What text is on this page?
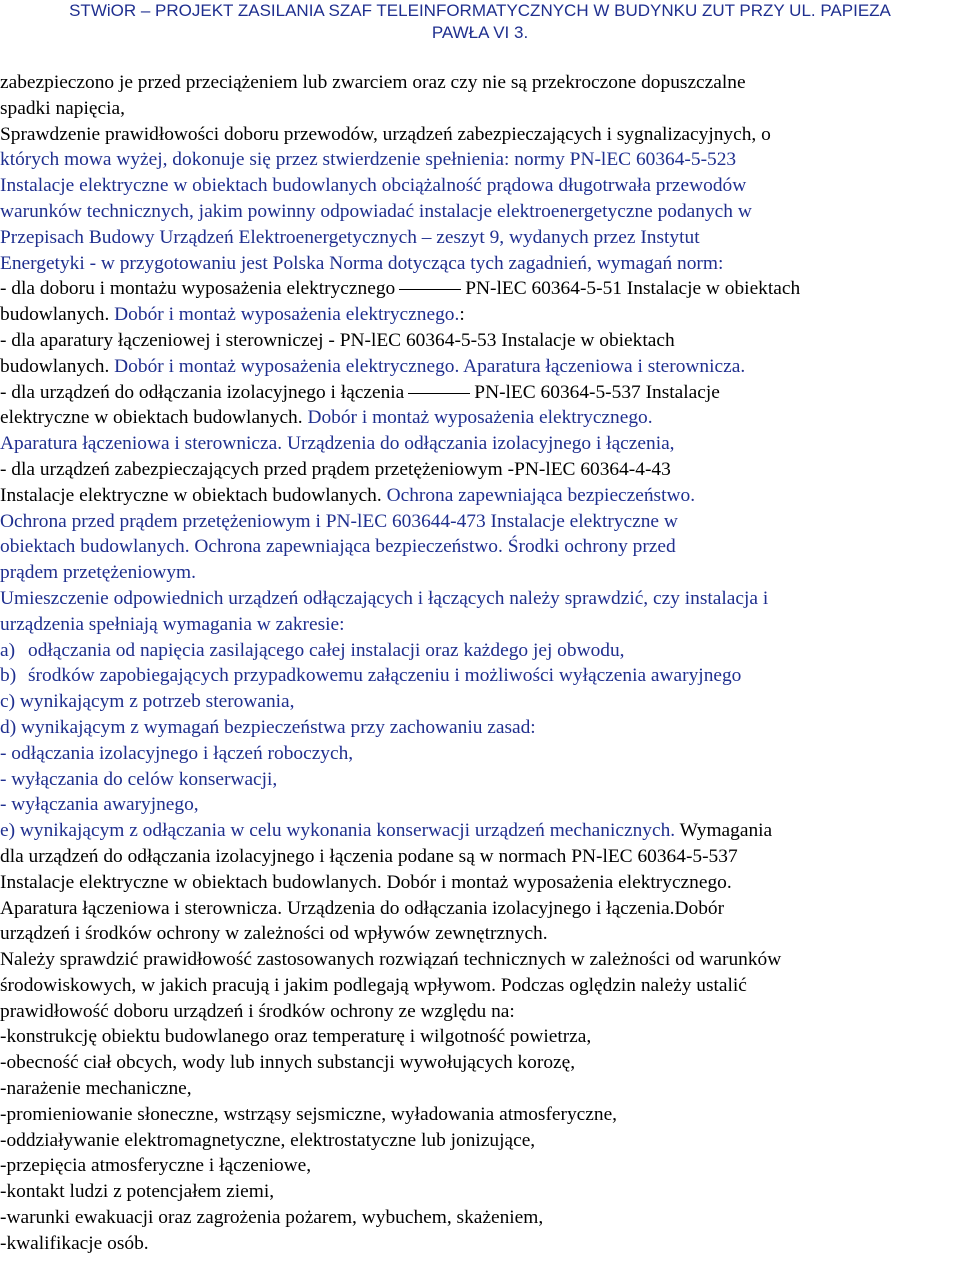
STWiOR – PROJEKT ZASILANIA SZAF TELEINFORMATYCZNYCH W BUDYNKU ZUT PRZY UL. PAPIEZA
PAWŁA VI 3.
zabezpieczono je przed przeciążeniem lub zwarciem oraz czy nie są przekroczone dopuszczalne
spadki napięcia,
Sprawdzenie prawidłowości doboru przewodów, urządzeń zabezpieczających i sygnalizacyjnych, o
których mowa wyżej, dokonuje się przez stwierdzenie spełnienia: normy PN-lEC 60364-5-523
Instalacje elektryczne w obiektach budowlanych obciążalność prądowa długotrwała przewodów
warunków technicznych, jakim powinny odpowiadać instalacje elektroenergetyczne podanych w
Przepisach Budowy Urządzeń Elektroenergetycznych – zeszyt 9, wydanych przez Instytut
Energetyki - w przygotowaniu jest Polska Norma dotycząca tych zagadnień, wymagań norm:
- dla doboru i montażu wyposażenia elektrycznego	PN-lEC 60364-5-51 Instalacje w obiektach
budowlanych. Dobór i montaż wyposażenia elektrycznego.:
- dla aparatury łączeniowej i sterowniczej - PN-lEC 60364-5-53 Instalacje w obiektach
budowlanych. Dobór i montaż wyposażenia elektrycznego. Aparatura łączeniowa i sterownicza.
- dla urządzeń do odłączania izolacyjnego i łączenia	PN-lEC 60364-5-537 Instalacje
elektryczne w obiektach budowlanych. Dobór i montaż wyposażenia elektrycznego.
Aparatura łączeniowa i sterownicza. Urządzenia do odłączania izolacyjnego i łączenia,
- dla urządzeń zabezpieczających przed prądem przetężeniowym -PN-lEC 60364-4-43
Instalacje elektryczne w obiektach budowlanych. Ochrona zapewniająca bezpieczeństwo.
Ochrona przed prądem przetężeniowym i PN-lEC 603644-473 Instalacje elektryczne w
obiektach budowlanych. Ochrona zapewniająca bezpieczeństwo. Środki ochrony przed
prądem przetężeniowym.
Umieszczenie odpowiednich urządzeń odłączających i łączących należy sprawdzić, czy instalacja i
urządzenia spełniają wymagania w zakresie:
a) odłączania od napięcia zasilającego całej instalacji oraz każdego jej obwodu,
b) środków zapobiegających przypadkowemu załączeniu i możliwości wyłączenia awaryjnego
c) wynikającym z potrzeb sterowania,
d) wynikającym z wymagań bezpieczeństwa przy zachowaniu zasad:
- odłączania izolacyjnego i łączeń roboczych,
- wyłączania do celów konserwacji,
- wyłączania awaryjnego,
e) wynikającym z odłączania w celu wykonania konserwacji urządzeń mechanicznych. Wymagania
dla urządzeń do odłączania izolacyjnego i łączenia podane są w normach PN-lEC 60364-5-537
Instalacje elektryczne w obiektach budowlanych. Dobór i montaż wyposażenia elektrycznego.
Aparatura łączeniowa i sterownicza. Urządzenia do odłączania izolacyjnego i łączenia.Dobór
urządzeń i środków ochrony w zależności od wpływów zewnętrznych.
Należy sprawdzić prawidłowość zastosowanych rozwiązań technicznych w zależności od warunków
środowiskowych, w jakich pracują i jakim podlegają wpływom. Podczas oględzin należy ustalić
prawidłowość doboru urządzeń i środków ochrony ze względu na:
-konstrukcję obiektu budowlanego oraz temperaturę i wilgotność powietrza,
-obecność ciał obcych, wody lub innych substancji wywołujących korozę,
-narażenie mechaniczne,
-promieniowanie słoneczne, wstrząsy sejsmiczne, wyładowania atmosferyczne,
-oddziaływanie elektromagnetyczne, elektrostatyczne lub jonizujące,
-przepięcia atmosferyczne i łączeniowe,
-kontakt ludzi z potencjałem ziemi,
-warunki ewakuacji oraz zagrożenia pożarem, wybuchem, skażeniem,
-kwalifikacje osób.
